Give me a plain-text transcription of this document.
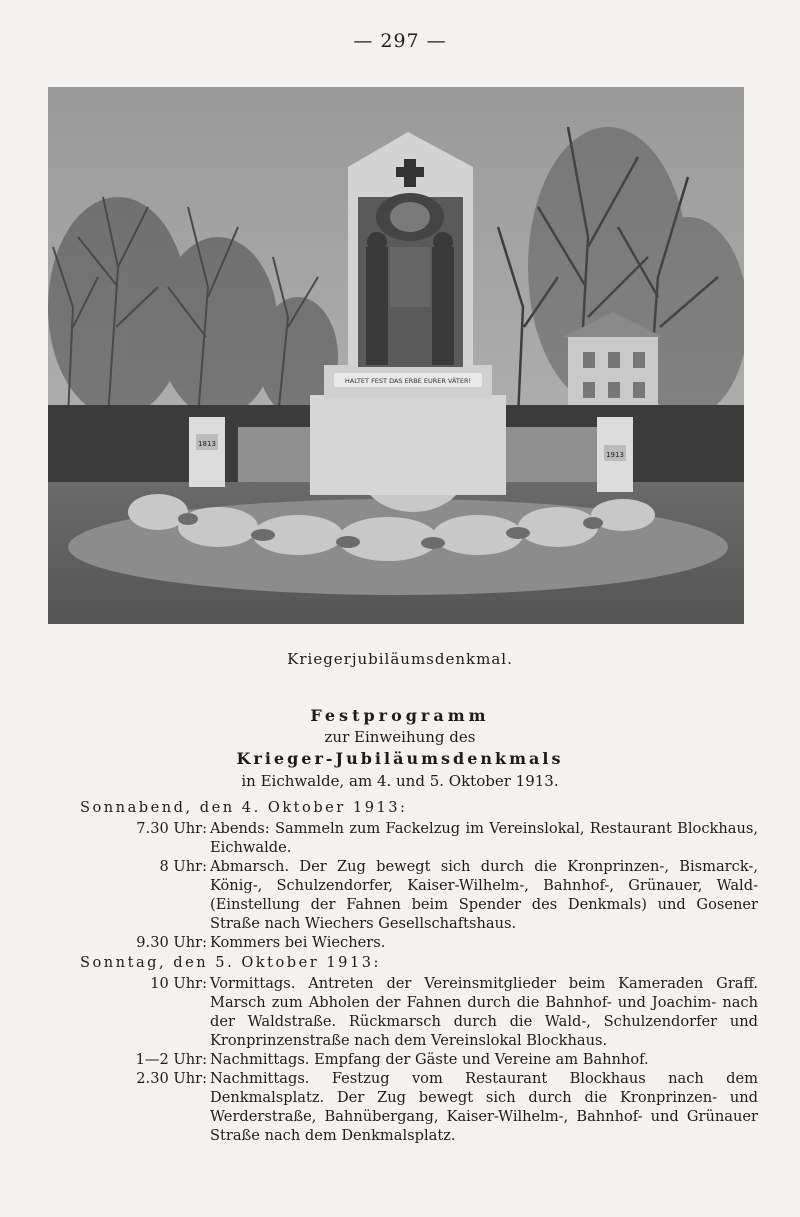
— 297 —
1813
1913
HALTET FEST DAS ERBE EURER VÄTER!
Kriegerjubiläumsdenkmal.
Festprogramm
zur Einweihung des
Krieger-Jubiläumsdenkmals
in Eichwalde, am 4. und 5. Oktober 1913.
Sonnabend, den 4. Oktober 1913:
7.30 Uhr: Abends: Sammeln zum Fackelzug im Vereinslokal, Restaurant Blockhaus, Eichwalde.
8 Uhr: Abmarsch. Der Zug bewegt sich durch die Kronprinzen-, Bismarck-, König-, Schulzendorfer, Kaiser-Wilhelm-, Bahnhof-, Grünauer, Wald- (Einstellung der Fahnen beim Spender des Denkmals) und Gosener Straße nach Wiechers Gesellschaftshaus.
9.30 Uhr: Kommers bei Wiechers.
Sonntag, den 5. Oktober 1913:
10 Uhr: Vormittags. Antreten der Vereinsmitglieder beim Kameraden Graff. Marsch zum Abholen der Fahnen durch die Bahnhof- und Joachim- nach der Waldstraße. Rückmarsch durch die Wald-, Schulzendorfer und Kronprinzenstraße nach dem Vereinslokal Blockhaus.
1—2 Uhr: Nachmittags. Empfang der Gäste und Vereine am Bahnhof.
2.30 Uhr: Nachmittags. Festzug vom Restaurant Blockhaus nach dem Denkmalsplatz. Der Zug bewegt sich durch die Kronprinzen- und Werderstraße, Bahnübergang, Kaiser-Wilhelm-, Bahnhof- und Grünauer Straße nach dem Denkmalsplatz.
